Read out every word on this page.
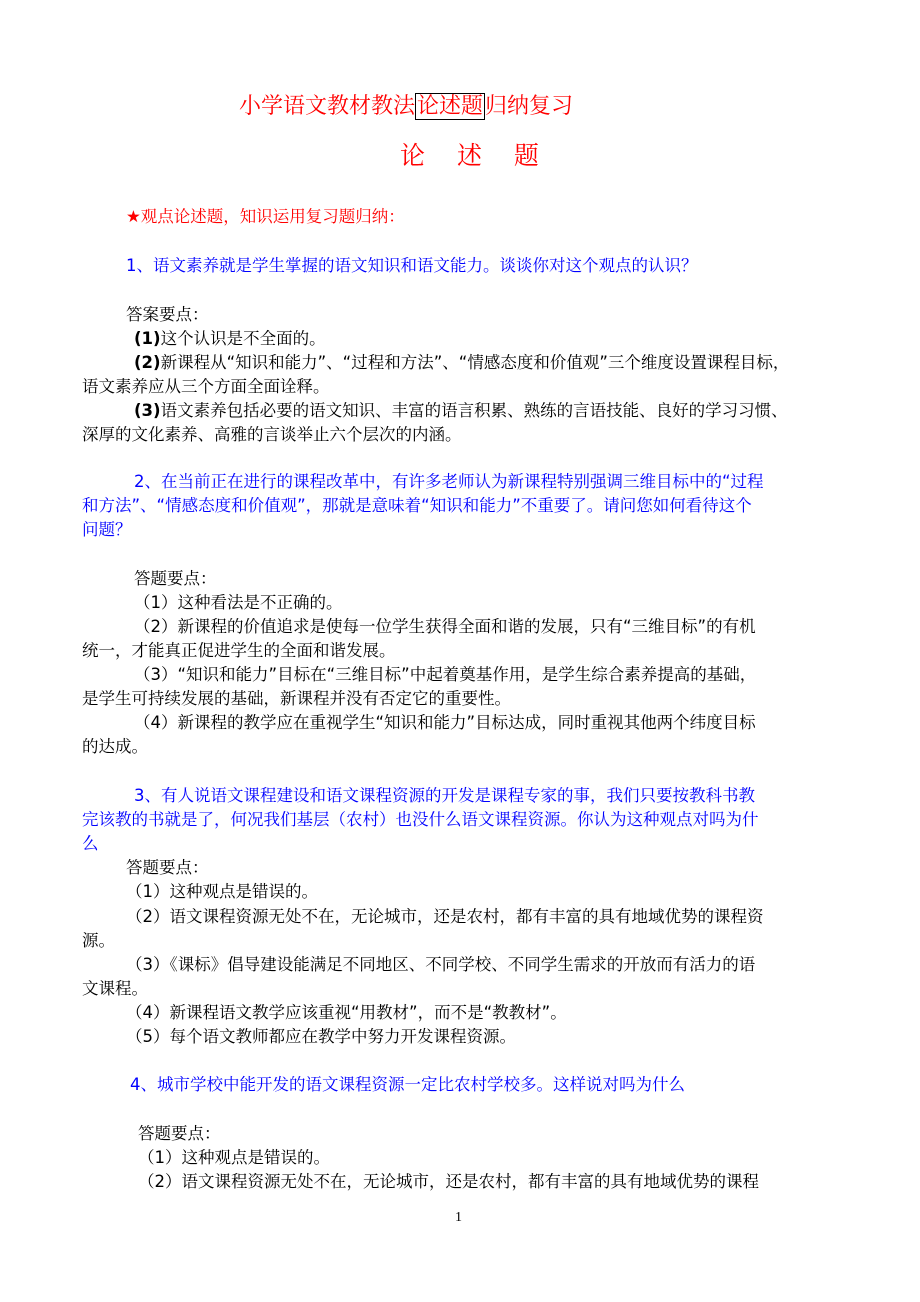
小学语文教材教法论述题归纳复习
论 述 题
★观点论述题，知识运用复习题归纳：
1、语文素养就是学生掌握的语文知识和语文能力。谈谈你对这个观点的认识？
答案要点：
(1)这个认识是不全面的。
(2)新课程从“知识和能力”、“过程和方法”、“情感态度和价值观”三个维度设置课程目标，
语文素养应从三个方面全面诠释。
(3)语文素养包括必要的语文知识、丰富的语言积累、熟练的言语技能、良好的学习习惯、
深厚的文化素养、高雅的言谈举止六个层次的内涵。
2、在当前正在进行的课程改革中，有许多老师认为新课程特别强调三维目标中的“过程
和方法”、“情感态度和价值观”，那就是意味着“知识和能力”不重要了。请问您如何看待这个
问题？
答题要点：
（1）这种看法是不正确的。
（2）新课程的价值追求是使每一位学生获得全面和谐的发展，只有“三维目标”的有机
统一，才能真正促进学生的全面和谐发展。
（3）“知识和能力”目标在“三维目标”中起着奠基作用，是学生综合素养提高的基础，
是学生可持续发展的基础，新课程并没有否定它的重要性。
（4）新课程的教学应在重视学生“知识和能力”目标达成，同时重视其他两个纬度目标
的达成。
3、有人说语文课程建设和语文课程资源的开发是课程专家的事，我们只要按教科书教
完该教的书就是了，何况我们基层（农村）也没什么语文课程资源。你认为这种观点对吗为什
么
答题要点：
（1）这种观点是错误的。
（2）语文课程资源无处不在，无论城市，还是农村，都有丰富的具有地域优势的课程资
源。
（3）《课标》倡导建设能满足不同地区、不同学校、不同学生需求的开放而有活力的语
文课程。
（4）新课程语文教学应该重视“用教材”，而不是“教教材”。
（5）每个语文教师都应在教学中努力开发课程资源。
4、城市学校中能开发的语文课程资源一定比农村学校多。这样说对吗为什么
答题要点：
（1）这种观点是错误的。
（2）语文课程资源无处不在，无论城市，还是农村，都有丰富的具有地域优势的课程
1
